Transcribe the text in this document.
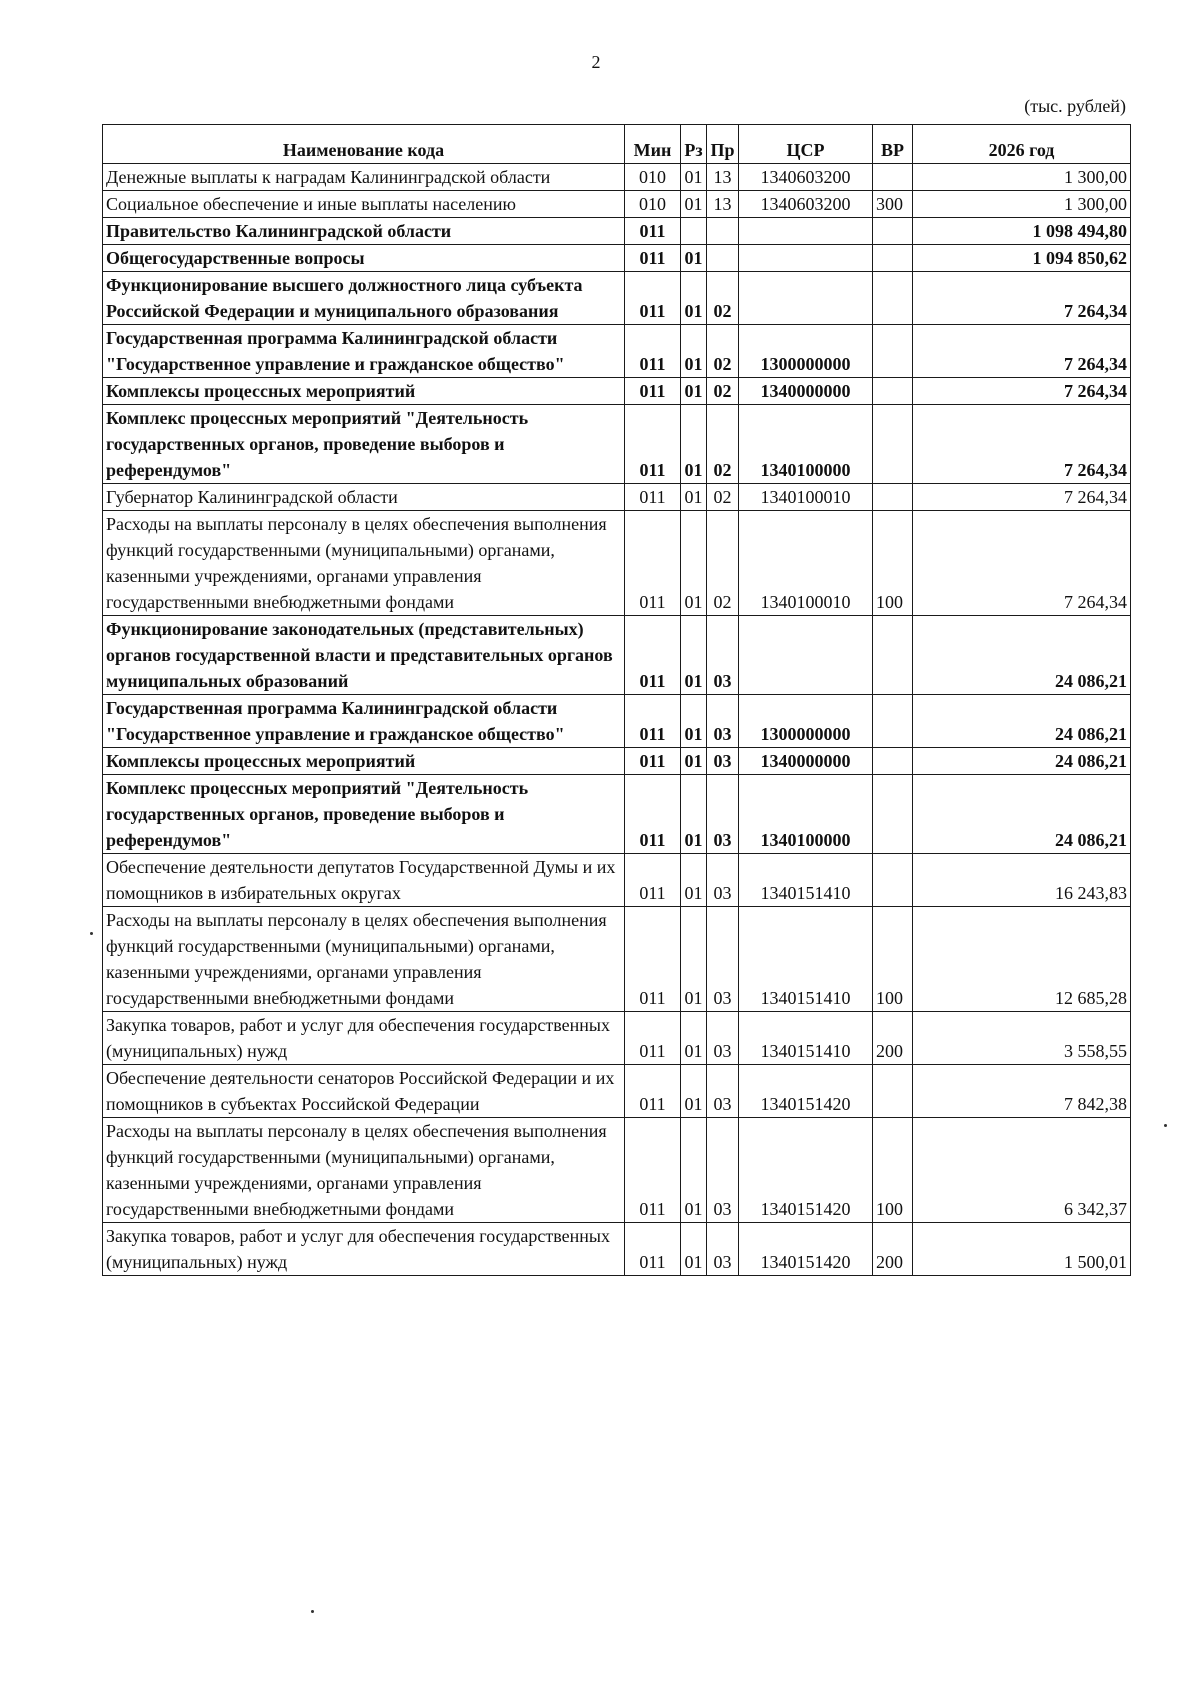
2
(тыс. рублей)
Наименование кода	Мин	Рз	Пр	ЦСР	ВР	2026 год
Денежные выплаты к наградам Калининградской области	010	01	13	1340603200		1 300,00
Социальное обеспечение и иные выплаты населению	010	01	13	1340603200	300	1 300,00
Правительство Калининградской области	011					1 098 494,80
Общегосударственные вопросы	011	01				1 094 850,62
Функционирование высшего должностного лица субъекта Российской Федерации и муниципального образования	011	01	02			7 264,34
Государственная программа Калининградской области "Государственное управление и гражданское общество"	011	01	02	1300000000		7 264,34
Комплексы процессных мероприятий	011	01	02	1340000000		7 264,34
Комплекс процессных мероприятий "Деятельность государственных органов, проведение выборов и референдумов"	011	01	02	1340100000		7 264,34
Губернатор Калининградской области	011	01	02	1340100010		7 264,34
Расходы на выплаты персоналу в целях обеспечения выполнения функций государственными (муниципальными) органами, казенными учреждениями, органами управления государственными внебюджетными фондами	011	01	02	1340100010	100	7 264,34
Функционирование законодательных (представительных) органов государственной власти и представительных органов муниципальных образований	011	01	03			24 086,21
Государственная программа Калининградской области "Государственное управление и гражданское общество"	011	01	03	1300000000		24 086,21
Комплексы процессных мероприятий	011	01	03	1340000000		24 086,21
Комплекс процессных мероприятий "Деятельность государственных органов, проведение выборов и референдумов"	011	01	03	1340100000		24 086,21
Обеспечение деятельности депутатов Государственной Думы и их помощников в избирательных округах	011	01	03	1340151410		16 243,83
Расходы на выплаты персоналу в целях обеспечения выполнения функций государственными (муниципальными) органами, казенными учреждениями, органами управления государственными внебюджетными фондами	011	01	03	1340151410	100	12 685,28
Закупка товаров, работ и услуг для обеспечения государственных (муниципальных) нужд	011	01	03	1340151410	200	3 558,55
Обеспечение деятельности сенаторов Российской Федерации и их помощников в субъектах Российской Федерации	011	01	03	1340151420		7 842,38
Расходы на выплаты персоналу в целях обеспечения выполнения функций государственными (муниципальными) органами, казенными учреждениями, органами управления государственными внебюджетными фондами	011	01	03	1340151420	100	6 342,37
Закупка товаров, работ и услуг для обеспечения государственных (муниципальных) нужд	011	01	03	1340151420	200	1 500,01
